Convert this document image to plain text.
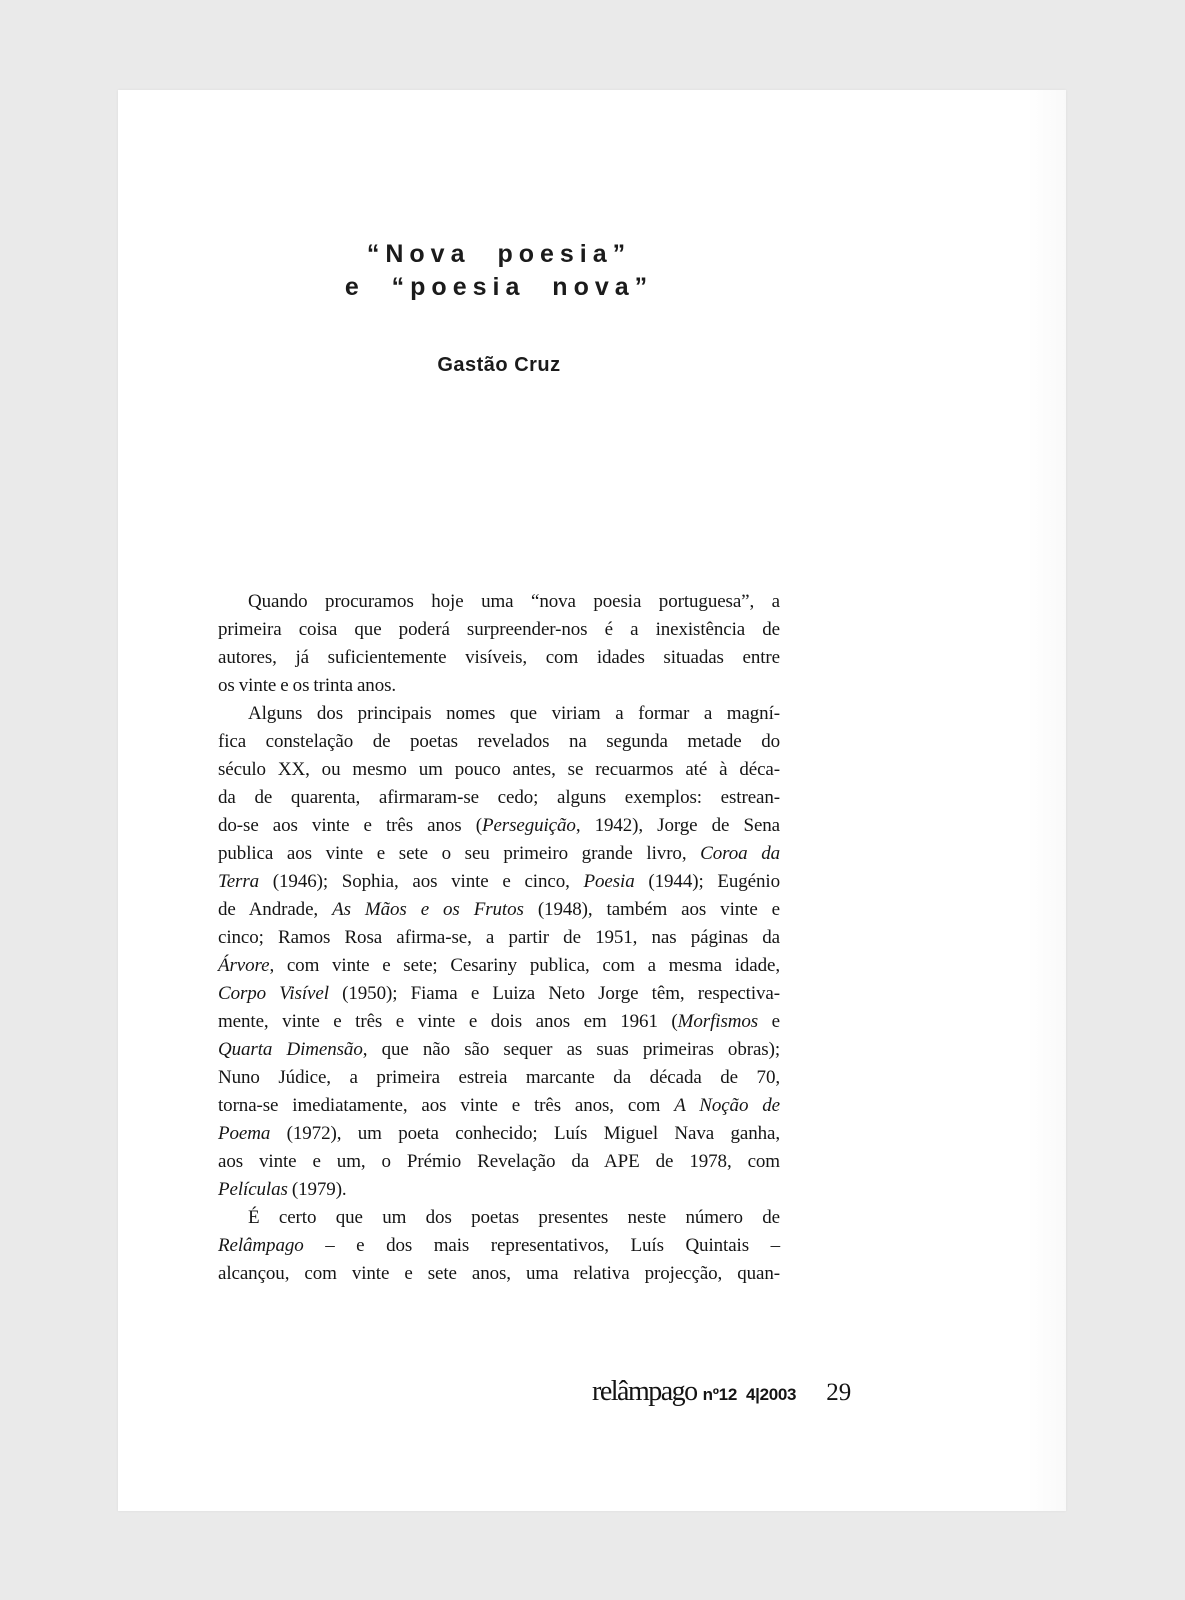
“Nova poesia”
e “poesia nova”
Gastão Cruz
Quando procuramos hoje uma “nova poesia portuguesa”, a
primeira coisa que poderá surpreender-nos é a inexistência de
autores, já suficientemente visíveis, com idades situadas entre
os vinte e os trinta anos.
Alguns dos principais nomes que viriam a formar a magní-
fica constelação de poetas revelados na segunda metade do
século XX, ou mesmo um pouco antes, se recuarmos até à déca-
da de quarenta, afirmaram-se cedo; alguns exemplos: estrean-
do-se aos vinte e três anos (Perseguição, 1942), Jorge de Sena
publica aos vinte e sete o seu primeiro grande livro, Coroa da
Terra (1946); Sophia, aos vinte e cinco, Poesia (1944); Eugénio
de Andrade, As Mãos e os Frutos (1948), também aos vinte e
cinco; Ramos Rosa afirma-se, a partir de 1951, nas páginas da
Árvore, com vinte e sete; Cesariny publica, com a mesma idade,
Corpo Visível (1950); Fiama e Luiza Neto Jorge têm, respectiva-
mente, vinte e três e vinte e dois anos em 1961 (Morfismos e
Quarta Dimensão, que não são sequer as suas primeiras obras);
Nuno Júdice, a primeira estreia marcante da década de 70,
torna-se imediatamente, aos vinte e três anos, com A Noção de
Poema (1972), um poeta conhecido; Luís Miguel Nava ganha,
aos vinte e um, o Prémio Revelação da APE de 1978, com
Películas (1979).
É certo que um dos poetas presentes neste número de
Relâmpago – e dos mais representativos, Luís Quintais –
alcançou, com vinte e sete anos, uma relativa projecção, quan-
relâmpago nº12 4|2003 29
